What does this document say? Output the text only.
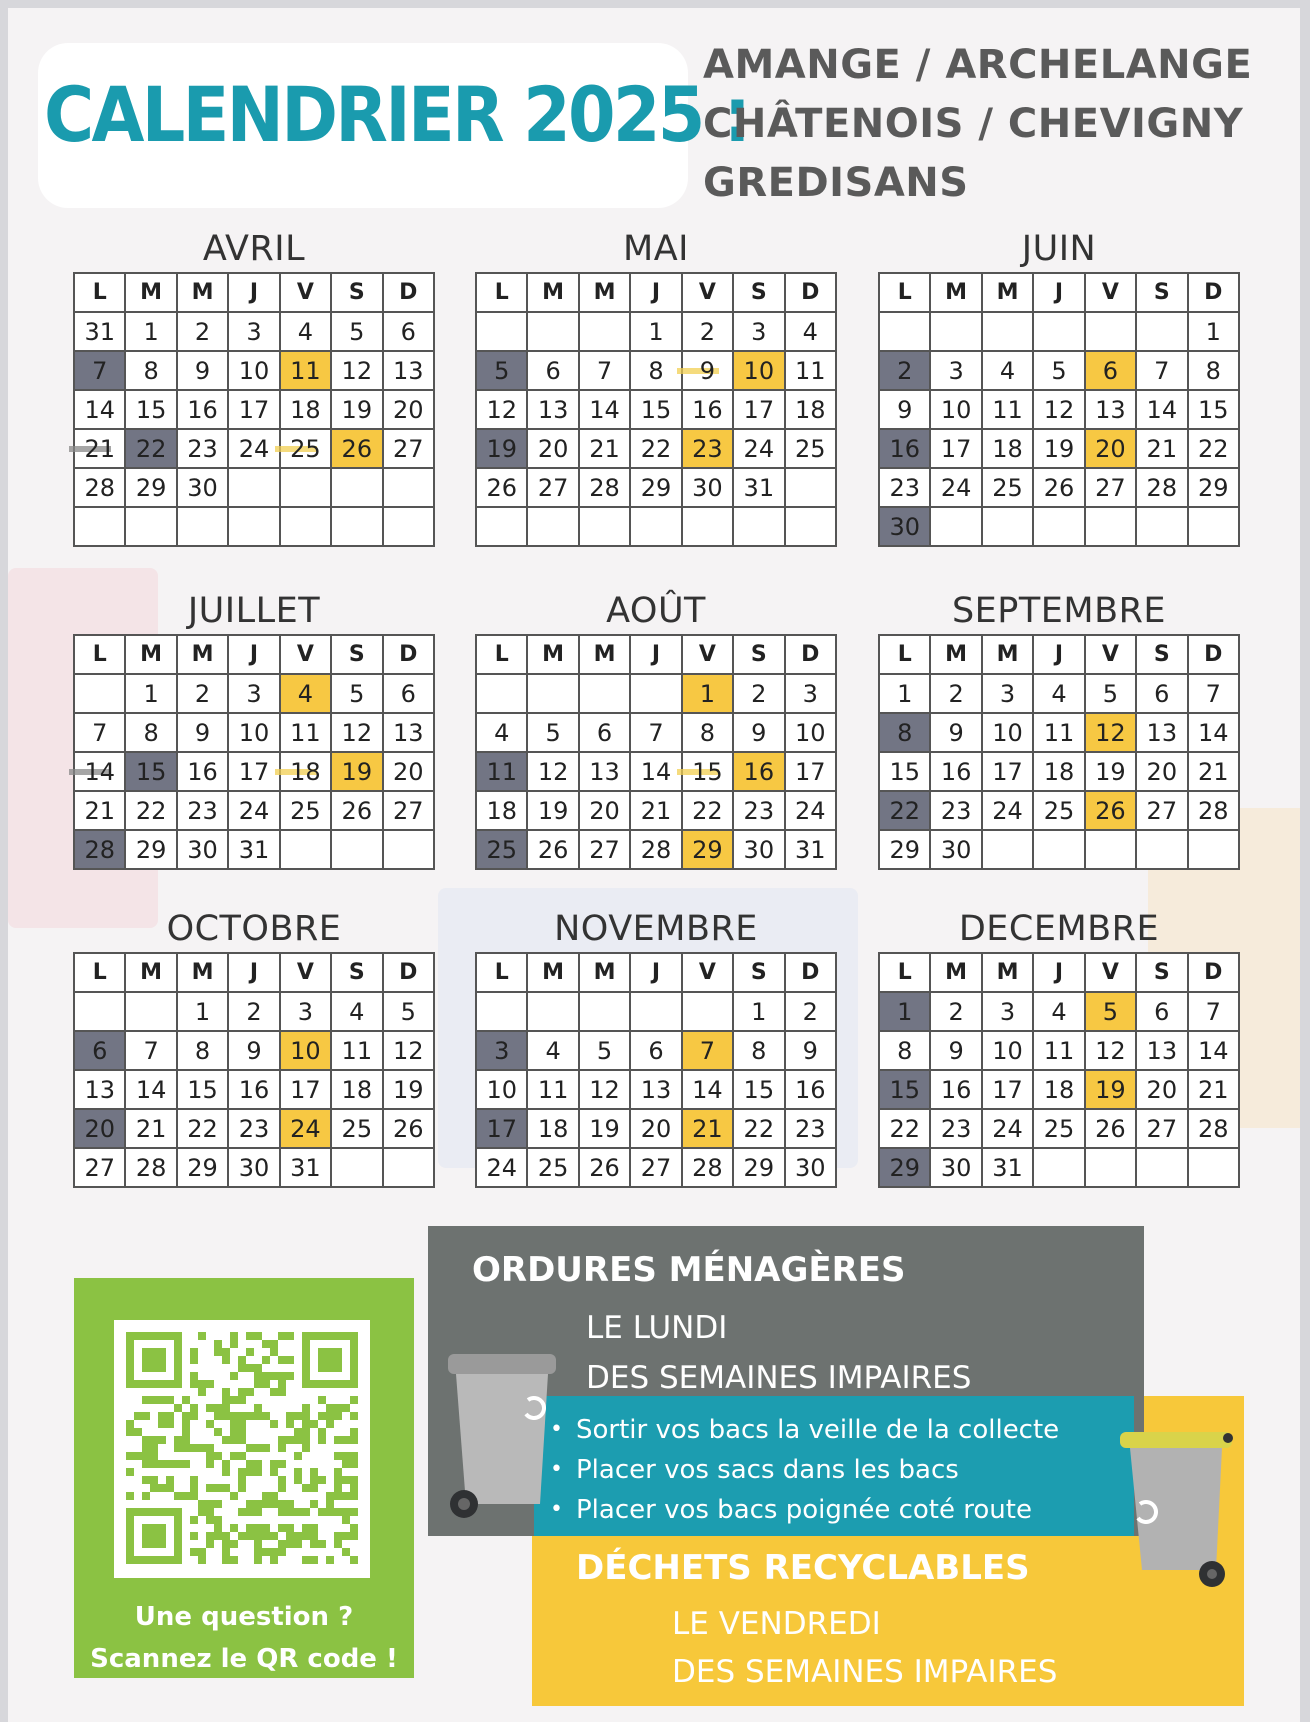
CALENDRIER 2025 :
AMANGE / ARCHELANGE
CHÂTENOIS / CHEVIGNY
GREDISANS
AVRIL
L	M	M	J	V	S	D
31	1	2	3	4	5	6
7	8	9	10	11	12	13
14	15	16	17	18	19	20

21	22	23	24	25	26	27
28	29	30				

MAI
L	M	M	J	V	S	D
			1	2	3	4
5	6	7	8	9	10	11
12	13	14	15	16	17	18
19	20	21	22	23	24	25
26	27	28	29	30	31	

JUIN
L	M	M	J	V	S	D
						1
2	3	4	5	6	7	8
9	10	11	12	13	14	15
16	17	18	19	20	21	22
23	24	25	26	27	28	29
30						
JUILLET
L	M	M	J	V	S	D
	1	2	3	4	5	6
7	8	9	10	11	12	13

14	15	16	17	18	19	20
21	22	23	24	25	26	27
28	29	30	31			
AOÛT
L	M	M	J	V	S	D
				1	2	3
4	5	6	7	8	9	10
11	12	13	14	15	16	17
18	19	20	21	22	23	24
25	26	27	28	29	30	31
SEPTEMBRE
L	M	M	J	V	S	D
1	2	3	4	5	6	7
8	9	10	11	12	13	14
15	16	17	18	19	20	21
22	23	24	25	26	27	28
29	30					
OCTOBRE
L	M	M	J	V	S	D
		1	2	3	4	5
6	7	8	9	10	11	12
13	14	15	16	17	18	19
20	21	22	23	24	25	26
27	28	29	30	31		
NOVEMBRE
L	M	M	J	V	S	D
					1	2
3	4	5	6	7	8	9
10	11	12	13	14	15	16
17	18	19	20	21	22	23
24	25	26	27	28	29	30
DECEMBRE
L	M	M	J	V	S	D
1	2	3	4	5	6	7
8	9	10	11	12	13	14
15	16	17	18	19	20	21
22	23	24	25	26	27	28
29	30	31				
Une question ?
Scannez le QR code !
DÉCHETS RECYCLABLES
LE VENDREDI
DES SEMAINES IMPAIRES
ORDURES MÉNAGÈRES
LE LUNDI
DES SEMAINES IMPAIRES
• Sortir vos bacs la veille de la collecte
• Placer vos sacs dans les bacs
• Placer vos bacs poignée coté route
